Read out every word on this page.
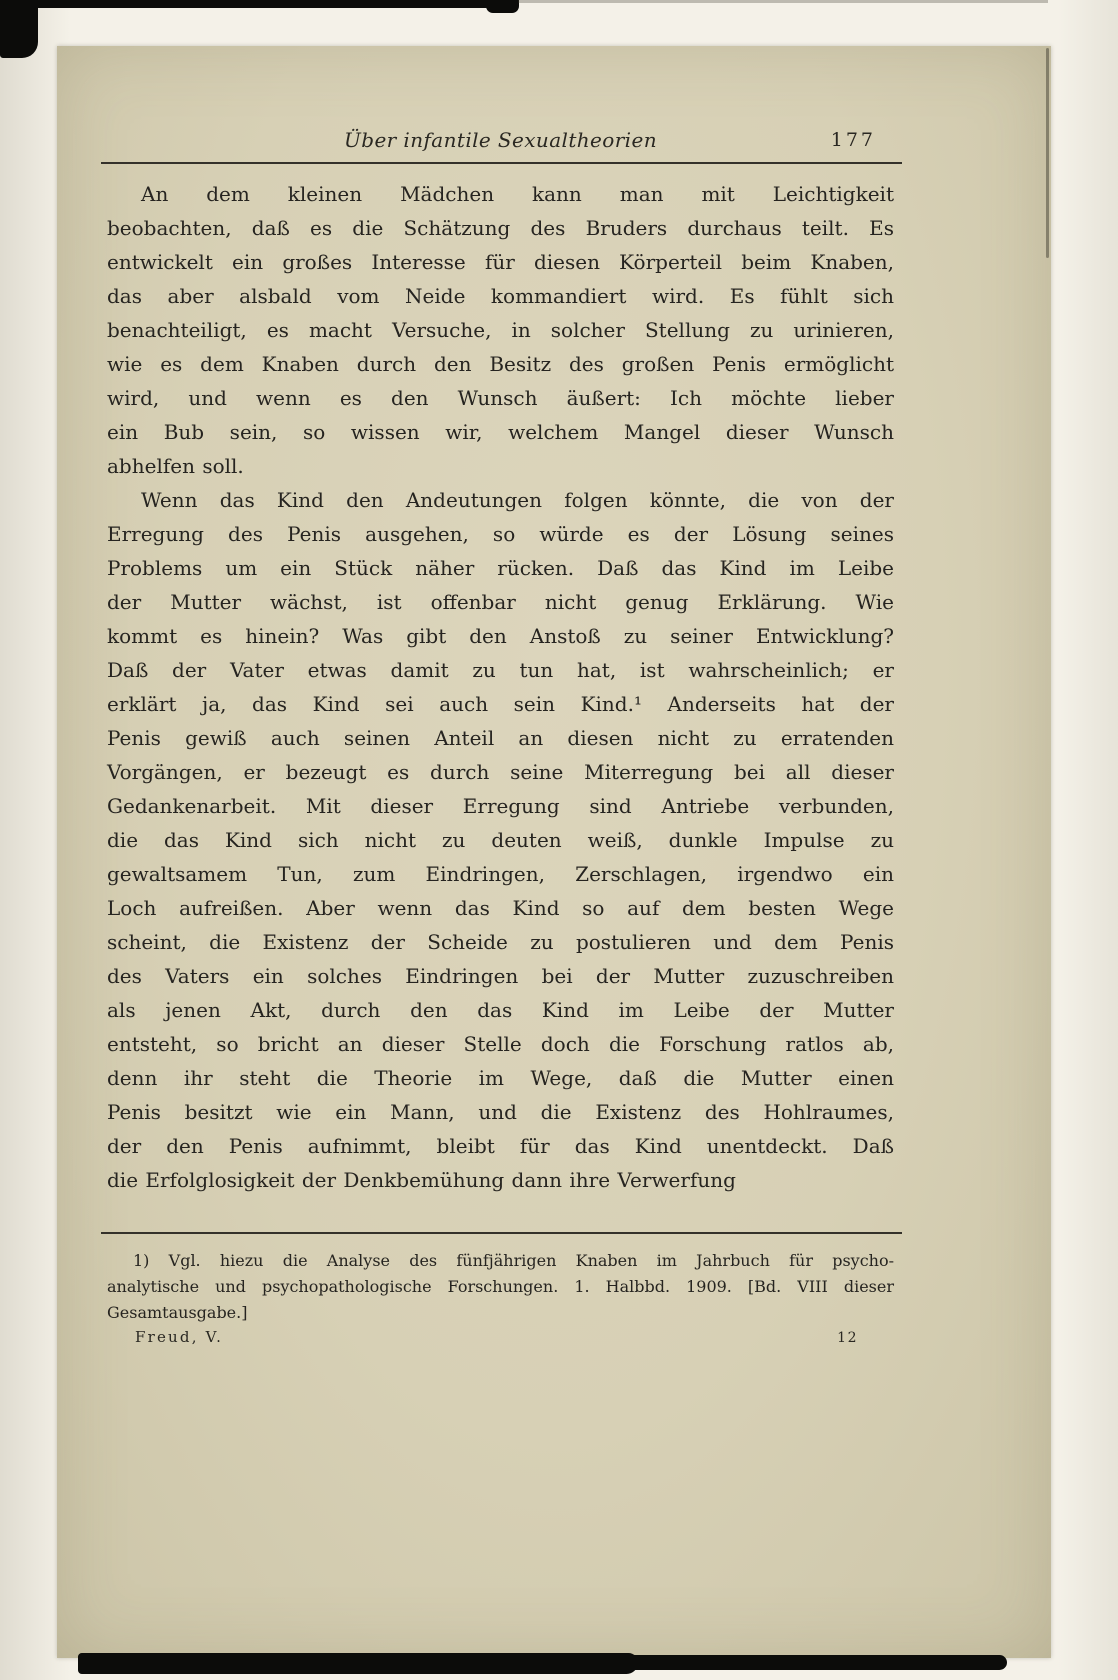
Über infantile Sexualtheorien	177
An dem kleinen Mädchen kann man mit Leichtigkeit
beobachten, daß es die Schätzung des Bruders durchaus teilt. Es
entwickelt ein großes Interesse für diesen Körperteil beim Knaben,
das aber alsbald vom Neide kommandiert wird. Es fühlt sich
benachteiligt, es macht Versuche, in solcher Stellung zu urinieren,
wie es dem Knaben durch den Besitz des großen Penis ermöglicht
wird, und wenn es den Wunsch äußert: Ich möchte lieber
ein Bub sein, so wissen wir, welchem Mangel dieser Wunsch
abhelfen soll.
Wenn das Kind den Andeutungen folgen könnte, die von der
Erregung des Penis ausgehen, so würde es der Lösung seines
Problems um ein Stück näher rücken. Daß das Kind im Leibe
der Mutter wächst, ist offenbar nicht genug Erklärung. Wie
kommt es hinein? Was gibt den Anstoß zu seiner Entwicklung?
Daß der Vater etwas damit zu tun hat, ist wahrscheinlich; er
erklärt ja, das Kind sei auch sein Kind.¹ Anderseits hat der
Penis gewiß auch seinen Anteil an diesen nicht zu erratenden
Vorgängen, er bezeugt es durch seine Miterregung bei all dieser
Gedankenarbeit. Mit dieser Erregung sind Antriebe verbunden,
die das Kind sich nicht zu deuten weiß, dunkle Impulse zu
gewaltsamem Tun, zum Eindringen, Zerschlagen, irgendwo ein
Loch aufreißen. Aber wenn das Kind so auf dem besten Wege
scheint, die Existenz der Scheide zu postulieren und dem Penis
des Vaters ein solches Eindringen bei der Mutter zuzuschreiben
als jenen Akt, durch den das Kind im Leibe der Mutter
entsteht, so bricht an dieser Stelle doch die Forschung ratlos ab,
denn ihr steht die Theorie im Wege, daß die Mutter einen
Penis besitzt wie ein Mann, und die Existenz des Hohlraumes,
der den Penis aufnimmt, bleibt für das Kind unentdeckt. Daß
die Erfolglosigkeit der Denkbemühung dann ihre Verwerfung
1) Vgl. hiezu die Analyse des fünfjährigen Knaben im Jahrbuch für psycho-
analytische und psychopathologische Forschungen. 1. Halbbd. 1909. [Bd. VIII dieser
Gesamtausgabe.]
Freud, V.	12
